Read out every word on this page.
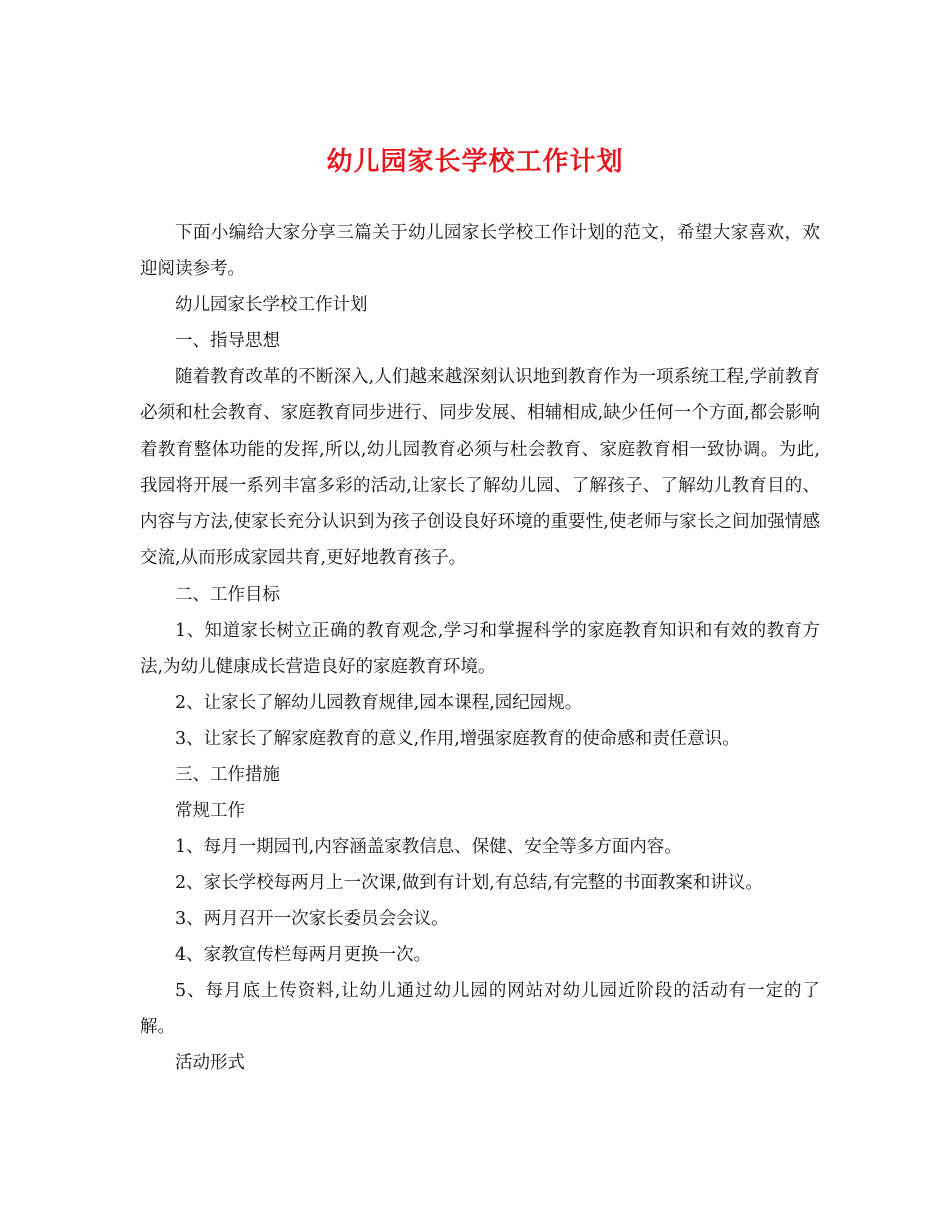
幼儿园家长学校工作计划

下面小编给大家分享三篇关于幼儿园家长学校工作计划的范文，希望大家喜欢，欢迎阅读参考。

幼儿园家长学校工作计划

一、指导思想

随着教育改革的不断深入,人们越来越深刻认识地到教育作为一项系统工程,学前教育必须和杜会教育、家庭教育同步进行、同步发展、相辅相成,缺少任何一个方面,都会影响着教育整体功能的发挥,所以,幼儿园教育必须与杜会教育、家庭教育相一致协调。为此,我园将开展一系列丰富多彩的活动,让家长了解幼儿园、了解孩子、了解幼儿教育目的、内容与方法,使家长充分认识到为孩子创设良好环境的重要性,使老师与家长之间加强情感交流,从而形成家园共育,更好地教育孩子。

二、工作目标

1、知道家长树立正确的教育观念,学习和掌握科学的家庭教育知识和有效的教育方法,为幼儿健康成长营造良好的家庭教育环境。

2、让家长了解幼儿园教育规律,园本课程,园纪园规。

3、让家长了解家庭教育的意义,作用,增强家庭教育的使命感和责任意识。

三、工作措施

常规工作

1、每月一期园刊,内容涵盖家教信息、保健、安全等多方面内容。

2、家长学校每两月上一次课,做到有计划,有总结,有完整的书面教案和讲议。

3、两月召开一次家长委员会会议。

4、家教宣传栏每两月更换一次。

5、每月底上传资料,让幼儿通过幼儿园的网站对幼儿园近阶段的活动有一定的了解。

活动形式
